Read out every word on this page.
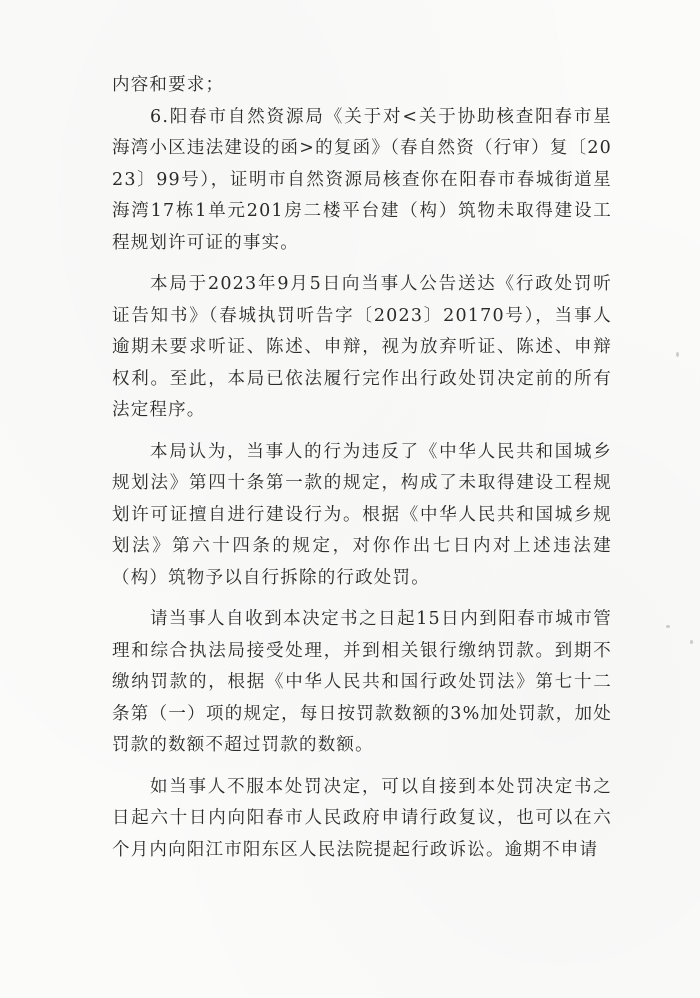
内容和要求；

6.阳春市自然资源局《关于对<关于协助核查阳春市星海湾小区违法建设的函>的复函》（春自然资（行审）复〔2023〕99号），证明市自然资源局核查你在阳春市春城街道星海湾17栋1单元201房二楼平台建（构）筑物未取得建设工程规划许可证的事实。

本局于2023年9月5日向当事人公告送达《行政处罚听证告知书》（春城执罚听告字〔2023〕20170号），当事人逾期未要求听证、陈述、申辩，视为放弃听证、陈述、申辩权利。至此，本局已依法履行完作出行政处罚决定前的所有法定程序。

本局认为，当事人的行为违反了《中华人民共和国城乡规划法》第四十条第一款的规定，构成了未取得建设工程规划许可证擅自进行建设行为。根据《中华人民共和国城乡规划法》第六十四条的规定，对你作出七日内对上述违法建（构）筑物予以自行拆除的行政处罚。

请当事人自收到本决定书之日起15日内到阳春市城市管理和综合执法局接受处理，并到相关银行缴纳罚款。到期不缴纳罚款的，根据《中华人民共和国行政处罚法》第七十二条第（一）项的规定，每日按罚款数额的3%加处罚款，加处罚款的数额不超过罚款的数额。

如当事人不服本处罚决定，可以自接到本处罚决定书之日起六十日内向阳春市人民政府申请行政复议，也可以在六个月内向阳江市阳东区人民法院提起行政诉讼。逾期不申请
